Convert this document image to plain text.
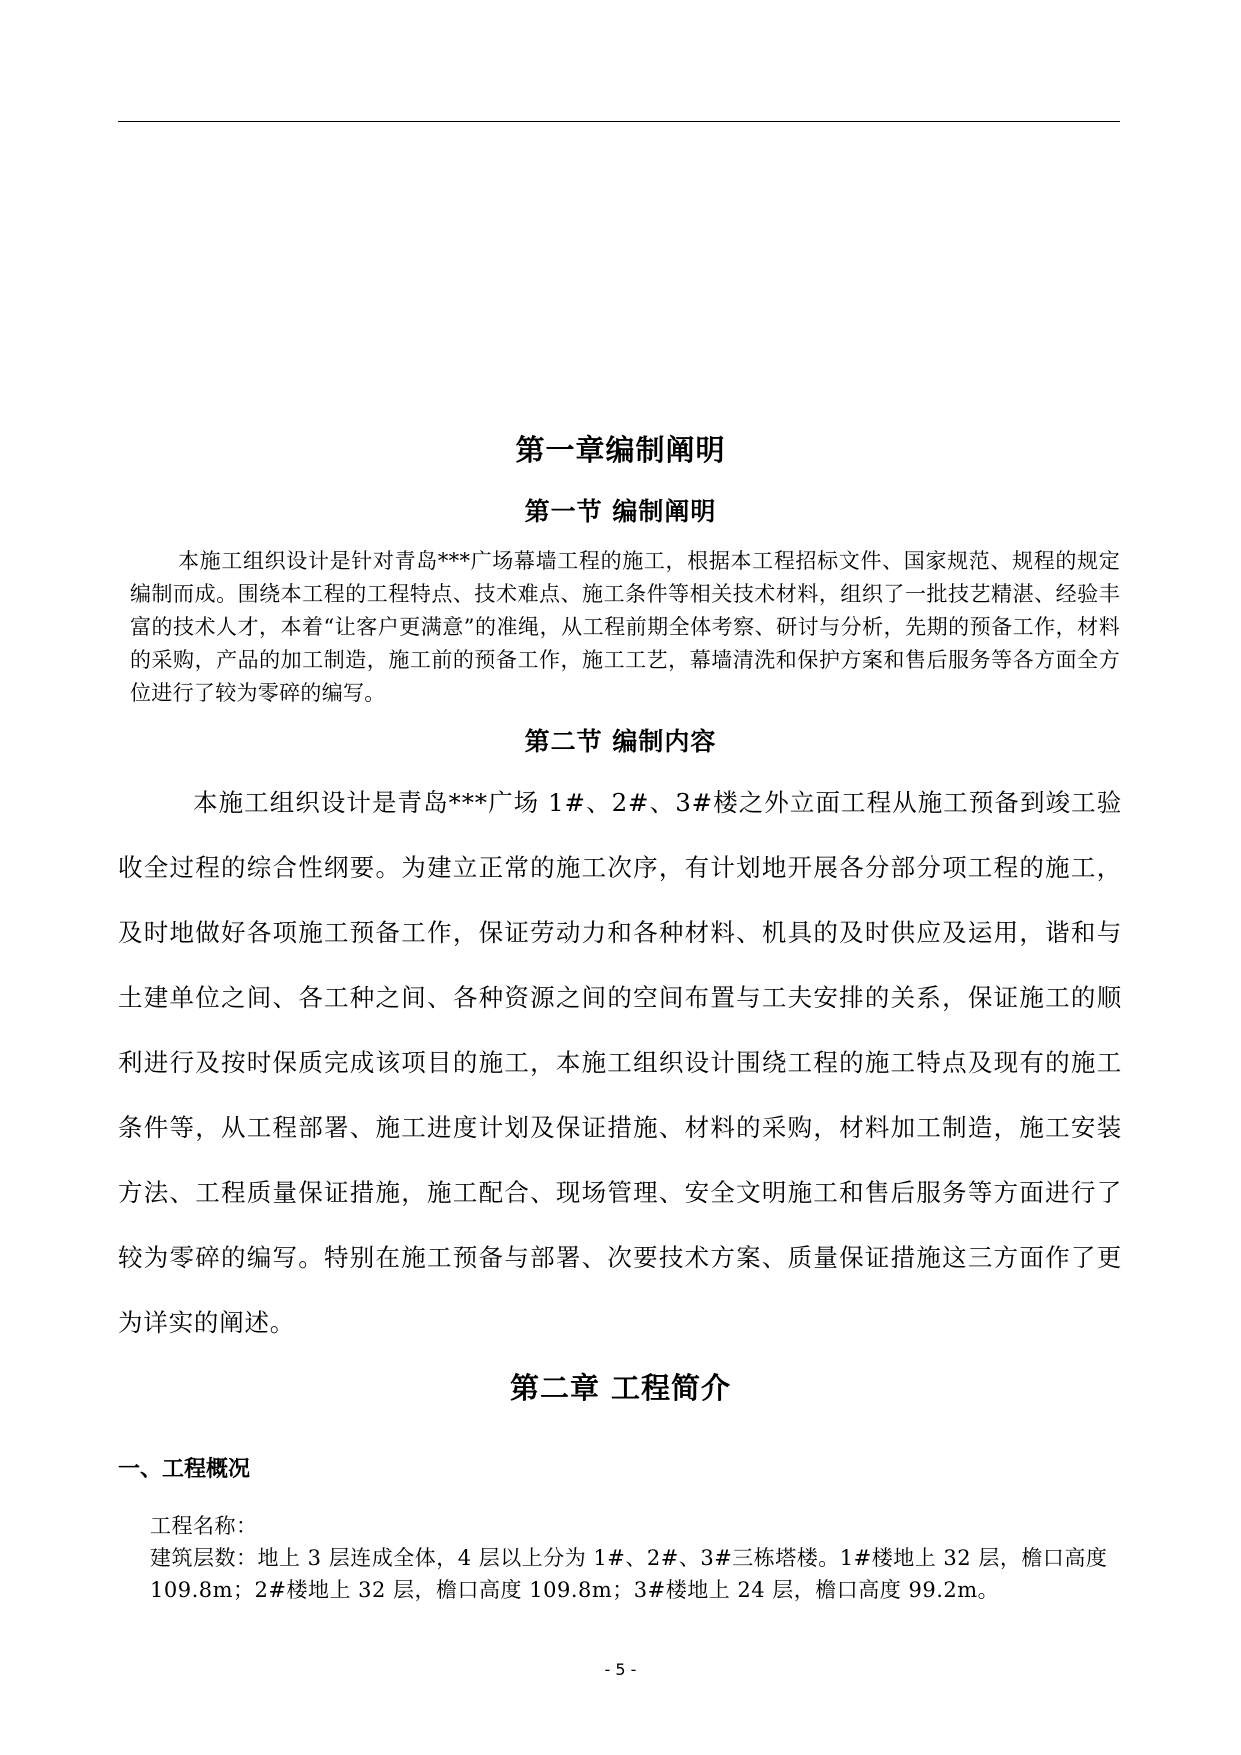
第一章编制阐明
第一节 编制阐明
本施工组织设计是针对青岛***广场幕墙工程的施工，根据本工程招标文件、国家规范、规程的规定编制而成。围绕本工程的工程特点、技术难点、施工条件等相关技术材料，组织了一批技艺精湛、经验丰富的技术人才，本着“让客户更满意”的准绳，从工程前期全体考察、研讨与分析，先期的预备工作，材料的采购，产品的加工制造，施工前的预备工作，施工工艺，幕墙清洗和保护方案和售后服务等各方面全方位进行了较为零碎的编写。
第二节 编制内容
本施工组织设计是青岛***广场 1#、2#、3#楼之外立面工程从施工预备到竣工验收全过程的综合性纲要。为建立正常的施工次序，有计划地开展各分部分项工程的施工，及时地做好各项施工预备工作，保证劳动力和各种材料、机具的及时供应及运用，谐和与土建单位之间、各工种之间、各种资源之间的空间布置与工夫安排的关系，保证施工的顺利进行及按时保质完成该项目的施工，本施工组织设计围绕工程的施工特点及现有的施工条件等，从工程部署、施工进度计划及保证措施、材料的采购，材料加工制造，施工安装方法、工程质量保证措施，施工配合、现场管理、安全文明施工和售后服务等方面进行了较为零碎的编写。特别在施工预备与部署、次要技术方案、质量保证措施这三方面作了更为详实的阐述。
第二章 工程简介
一、工程概况
工程名称：
建筑层数：地上 3 层连成全体，4 层以上分为 1#、2#、3#三栋塔楼。1#楼地上 32 层，檐口高度 109.8m；2#楼地上 32 层，檐口高度 109.8m；3#楼地上 24 层，檐口高度 99.2m。
- 5 -
